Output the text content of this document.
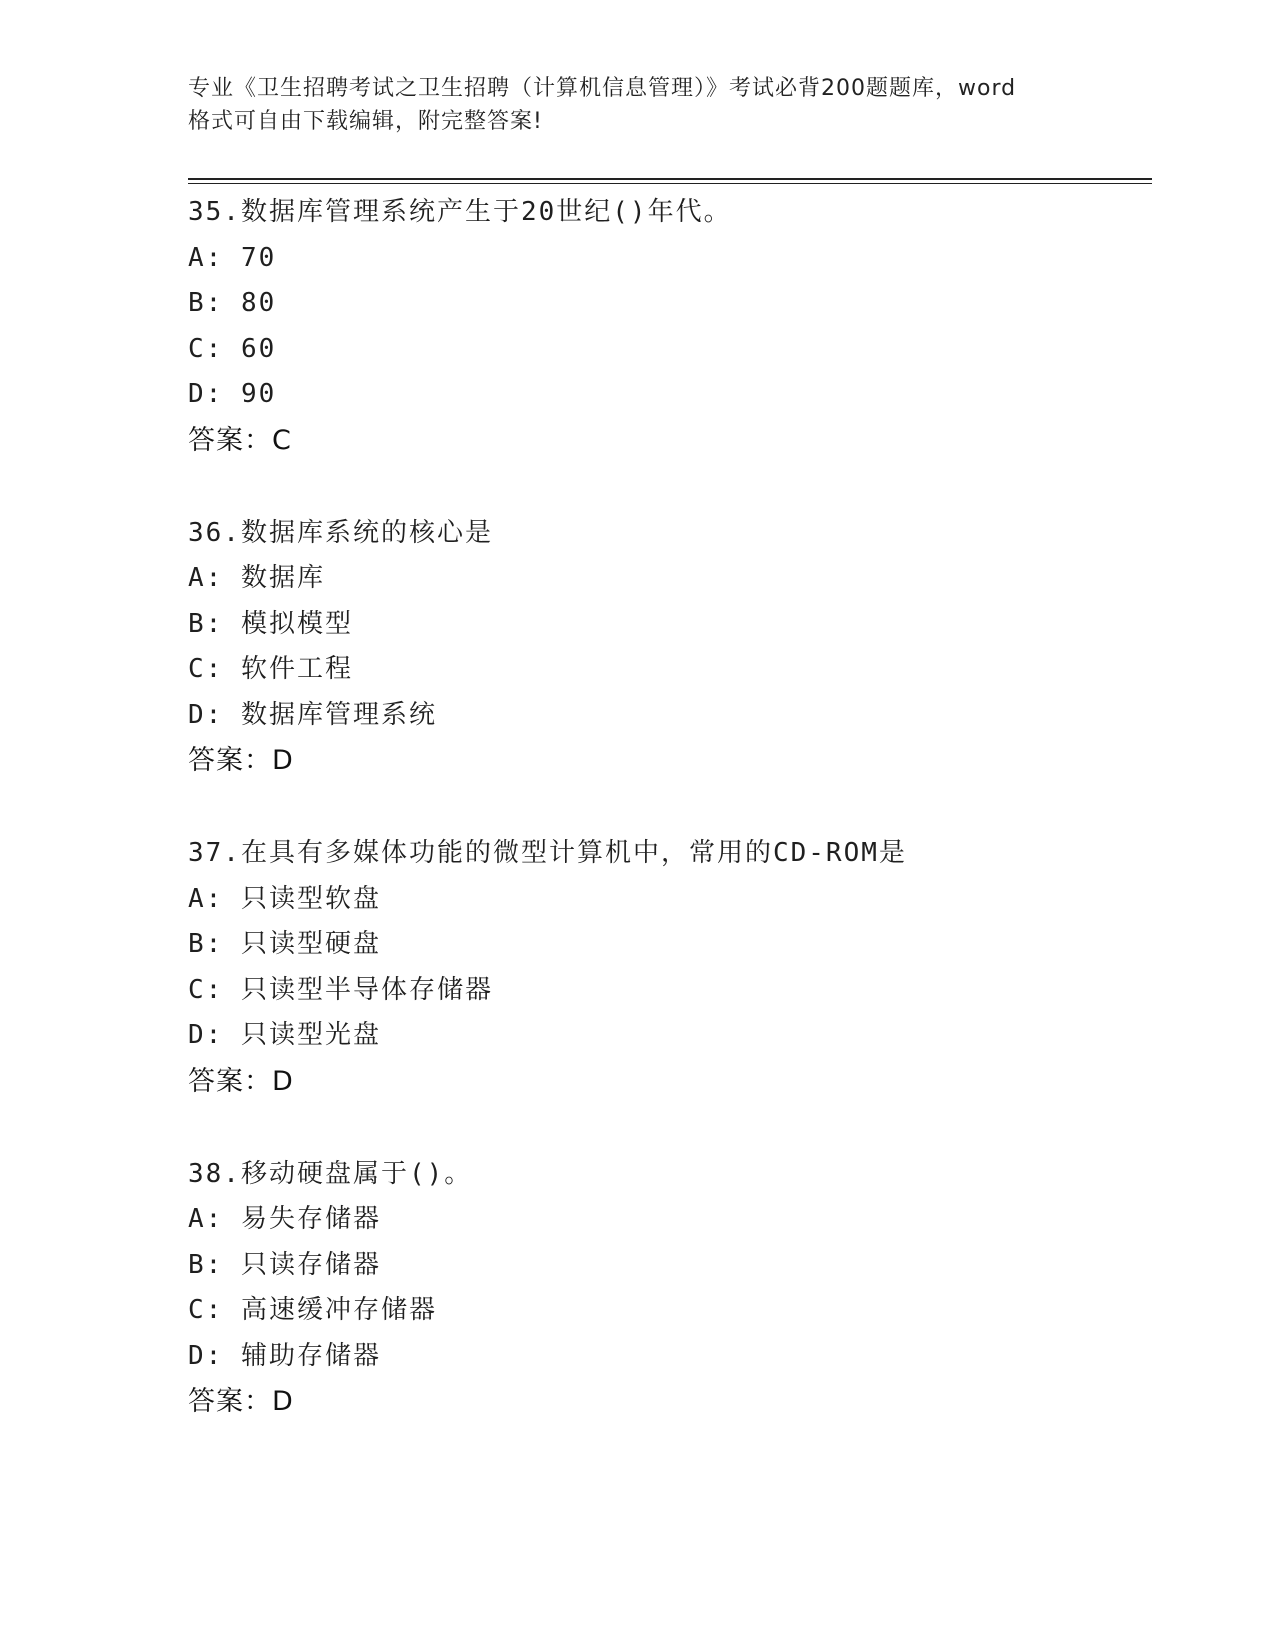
专业《卫生招聘考试之卫生招聘（计算机信息管理）》考试必背200题题库，word
格式可自由下载编辑，附完整答案!
35.数据库管理系统产生于20世纪()年代。
A: 70
B: 80
C: 60
D: 90
答案：C
36.数据库系统的核心是
A: 数据库
B: 模拟模型
C: 软件工程
D: 数据库管理系统
答案：D
37.在具有多媒体功能的微型计算机中，常用的CD-ROM是
A: 只读型软盘
B: 只读型硬盘
C: 只读型半导体存储器
D: 只读型光盘
答案：D
38.移动硬盘属于()。
A: 易失存储器
B: 只读存储器
C: 高速缓冲存储器
D: 辅助存储器
答案：D
